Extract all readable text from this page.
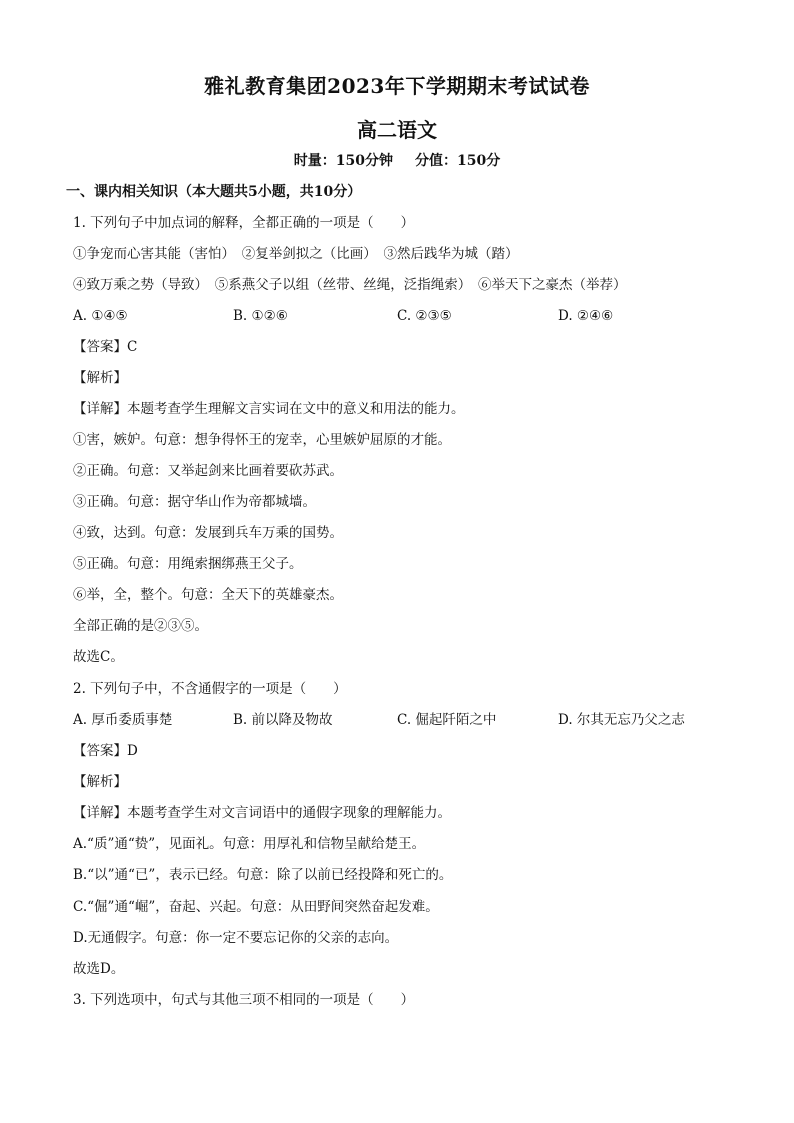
雅礼教育集团2023年下学期期末考试试卷
高二语文
时量：150分钟 分值：150分
一、课内相关知识（本大题共5小题，共10分）
1. 下列句子中加点词的解释，全都正确的一项是（　　）
①争宠而心害其能（害怕）　②复举剑拟之（比画）　③然后践华为城（踏）
④致万乘之势（导致）　⑤系燕父子以组（丝带、丝绳，泛指绳索）　⑥举天下之豪杰（举荐）
A. ①④⑤	B. ①②⑥	C. ②③⑤	D. ②④⑥
【答案】C
【解析】
【详解】本题考查学生理解文言实词在文中的意义和用法的能力。
①害，嫉妒。句意：想争得怀王的宠幸，心里嫉妒屈原的才能。
②正确。句意：又举起剑来比画着要砍苏武。
③正确。句意：据守华山作为帝都城墙。
④致，达到。句意：发展到兵车万乘的国势。
⑤正确。句意：用绳索捆绑燕王父子。
⑥举，全，整个。句意：全天下的英雄豪杰。
全部正确的是②③⑤。
故选C。
2. 下列句子中，不含通假字的一项是（　　）
A. 厚币委质事楚	B. 前以降及物故	C. 倔起阡陌之中	D. 尔其无忘乃父之志
【答案】D
【解析】
【详解】本题考查学生对文言词语中的通假字现象的理解能力。
A.“质”通“贽”，见面礼。句意：用厚礼和信物呈献给楚王。
B.“以”通“已”，表示已经。句意：除了以前已经投降和死亡的。
C.“倔”通“崛”，奋起、兴起。句意：从田野间突然奋起发难。
D.无通假字。句意：你一定不要忘记你的父亲的志向。
故选D。
3. 下列选项中，句式与其他三项不相同的一项是（　　）
